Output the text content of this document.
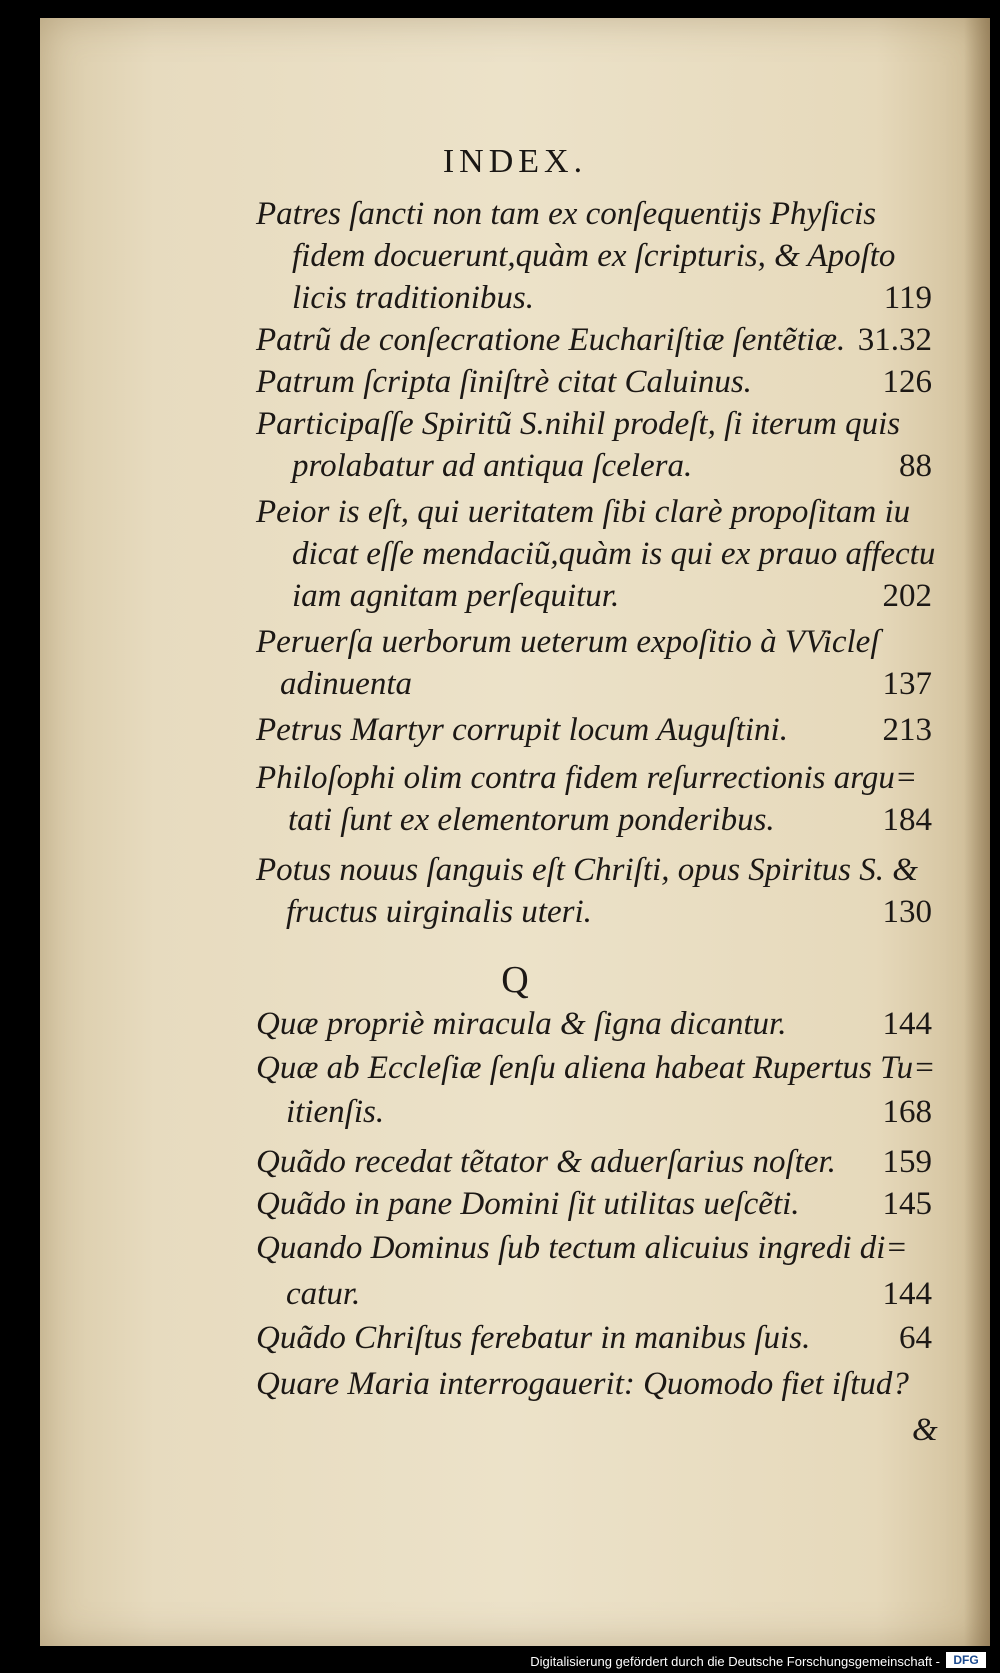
INDEX.
Patres ſancti non tam ex conſequentijs Phyſicis
fidem docuerunt,quàm ex ſcripturis, & Apoſto
licis traditionibus.	119
Patrũ de conſecratione Euchariſtiæ ſentẽtiæ. 31.32
Patrum ſcripta ſiniſtrè citat Caluinus.	126
Participaſſe Spiritũ S.nihil prodeſt, ſi iterum quis
prolabatur ad antiqua ſcelera.	88
Peior is eſt, qui ueritatem ſibi clarè propoſitam iu
dicat eſſe mendaciũ,quàm is qui ex prauo affectu
iam agnitam perſequitur.	202
Peruerſa uerborum ueterum expoſitio à VVicleſ
adinuenta	137
Petrus Martyr corrupit locum Auguſtini.	213
Philoſophi olim contra fidem reſurrectionis argu=
tati ſunt ex elementorum ponderibus.	184
Potus nouus ſanguis eſt Chriſti, opus Spiritus S. &
fructus uirginalis uteri.	130
Quæ propriè miracula & ſigna dicantur.	144
Quæ ab Eccleſiæ ſenſu aliena habeat Rupertus Tu=
itienſis.	168
Quãdo recedat tẽtator & aduerſarius noſter. 159
Quãdo in pane Domini ſit utilitas ueſcẽti.	145
Quando Dominus ſub tectum alicuius ingredi di=
catur.	144
Quãdo Chriſtus ferebatur in manibus ſuis.	64
Quare Maria interrogauerit: Quomodo fiet iſtud?
&
Q
Digitalisierung gefördert durch die Deutsche Forschungsgemeinschaft -	DFG
